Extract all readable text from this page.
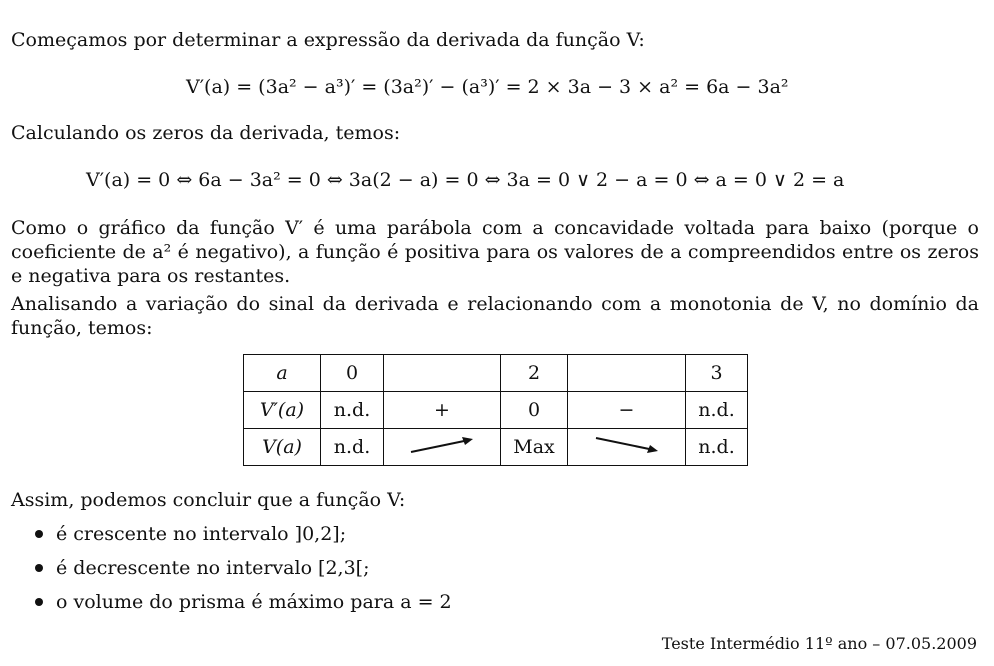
Começamos por determinar a expressão da derivada da função V:
V′(a) = (3a² − a³)′ = (3a²)′ − (a³)′ = 2 × 3a − 3 × a² = 6a − 3a²
Calculando os zeros da derivada, temos:
V′(a) = 0 ⇔ 6a − 3a² = 0 ⇔ 3a(2 − a) = 0 ⇔ 3a = 0 ∨ 2 − a = 0 ⇔ a = 0 ∨ 2 = a
Como o gráfico da função V′ é uma parábola com a concavidade voltada para baixo (porque o coeficiente de a² é negativo), a função é positiva para os valores de a compreendidos entre os zeros e negativa para os restantes.
Analisando a variação do sinal da derivada e relacionando com a monotonia de V, no domínio da função, temos:
a	0		2		3
V′(a)	n.d.	+	0	−	n.d.
V(a)	n.d.		Max		n.d.
Assim, podemos concluir que a função V:
é crescente no intervalo ]0,2];
é decrescente no intervalo [2,3[;
o volume do prisma é máximo para a = 2
Teste Intermédio 11º ano – 07.05.2009
